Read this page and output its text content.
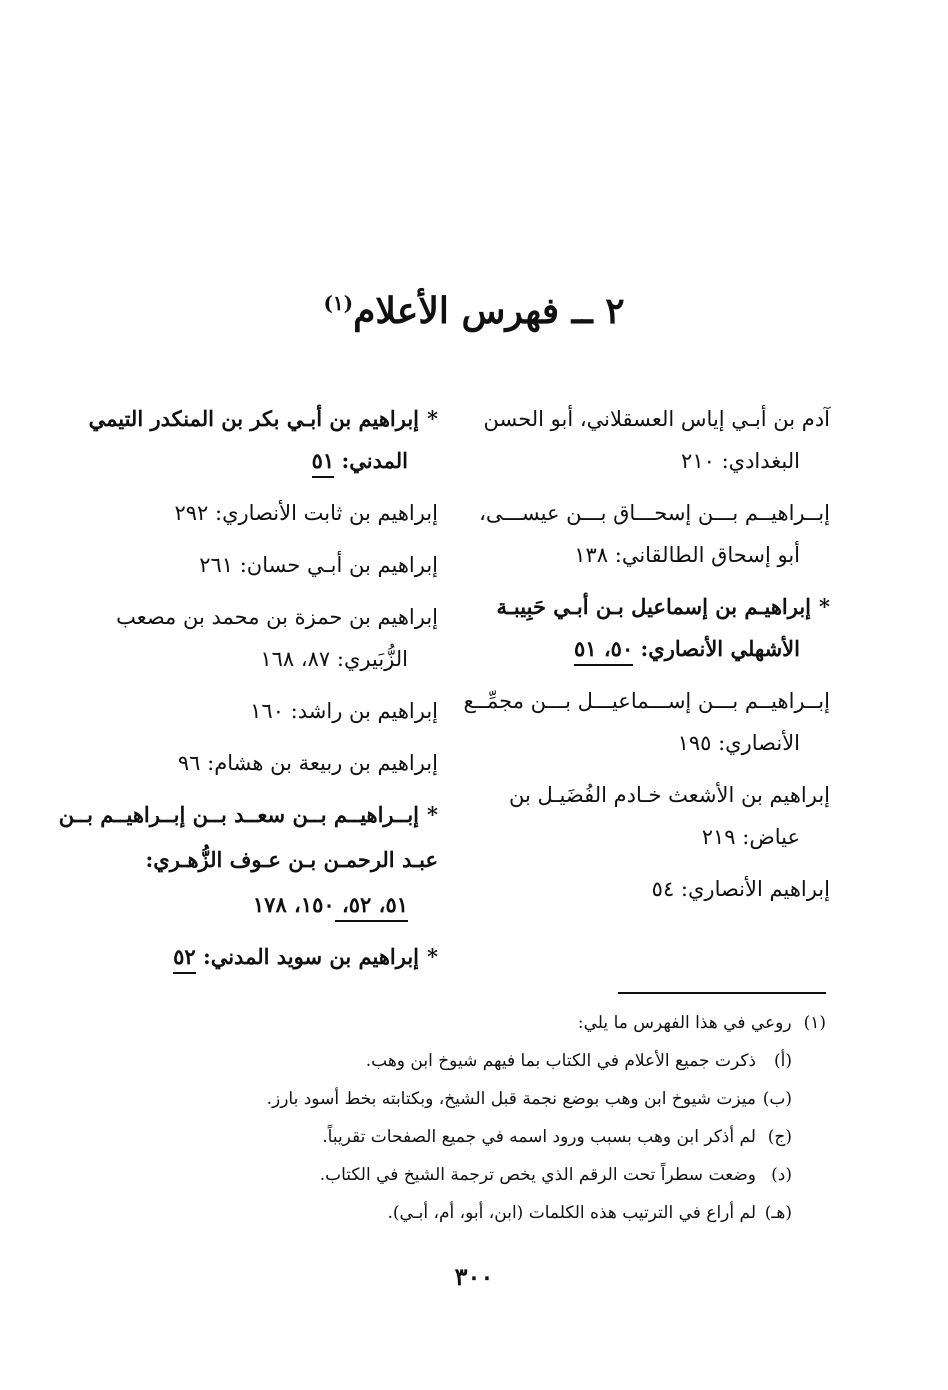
٢ ــ فهرس الأعلام$^{(١)}$
آدم بن أبـي إياس العسقلاني، أبو الحسن
البغدادي: ٢١٠
إبــراهيــم بـــن إسحـــاق بـــن عيســـى،
أبو إسحاق الطالقاني: ١٣٨
*إبراهيـم بن إسماعيل بـن أبـي حَبِيبـة
الأشهلي الأنصاري: ٥٠، ٥١
إبــراهيــم بـــن إســـماعيـــل بـــن مجمِّــع
الأنصاري: ١٩٥
إبراهيم بن الأشعث خـادم الفُضَيـل بن
عياض: ٢١٩
إبراهيم الأنصاري: ٥٤
*إبراهيم بن أبـي بكر بن المنكدر التيمي
المدني: ٥١
إبراهيم بن ثابت الأنصاري: ٢٩٢
إبراهيم بن أبـي حسان: ٢٦١
إبراهيم بن حمزة بن محمد بن مصعب
الزُّبَيري: ٨٧، ١٦٨
إبراهيم بن راشد: ١٦٠
إبراهيم بن ربيعة بن هشام: ٩٦
*إبــراهيــم بــن سعــد بــن إبــراهيــم بــن
عبـد الرحمـن بـن عـوف الزُّهـري:
٥١، ٥٢، ١٥٠، ١٧٨
*إبراهيم بن سويد المدني: ٥٢
(١)روعي في هذا الفهرس ما يلي:
(أ)ذكرت جميع الأعلام في الكتاب بما فيهم شيوخ ابن وهب.
(ب)ميزت شيوخ ابن وهب بوضع نجمة قبل الشيخ، وبكتابته بخط أسود بارز.
(ج)لم أذكر ابن وهب بسبب ورود اسمه في جميع الصفحات تقريباً.
(د)وضعت سطراً تحت الرقم الذي يخص ترجمة الشيخ في الكتاب.
(هـ)لم أراع في الترتيب هذه الكلمات (ابن، أبو، أم، أبـي).
٣٠٠
